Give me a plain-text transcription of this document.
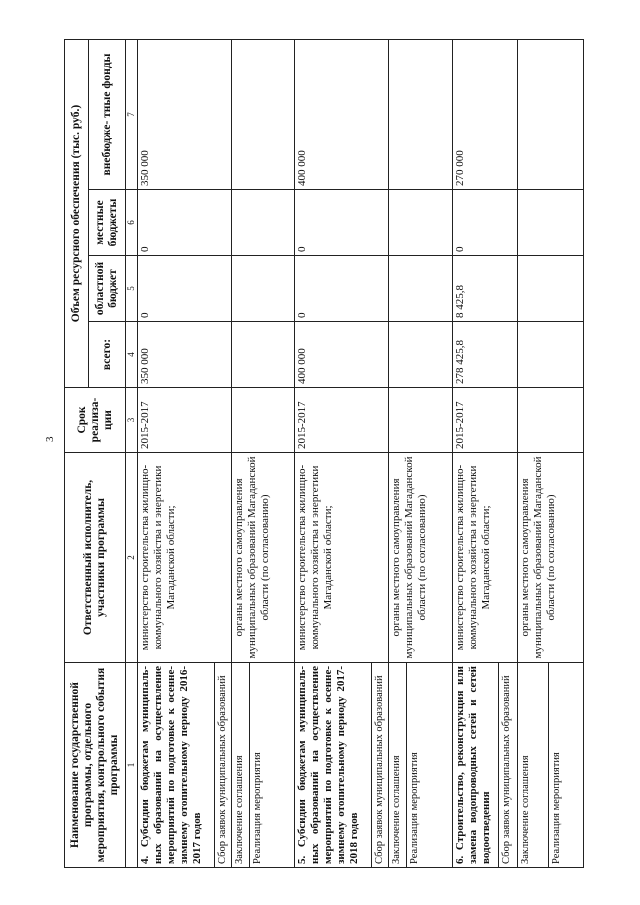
3
Наименование государственной программы, отдельного мероприятия, контрольного события программы	Ответственный исполнитель, участники программы	Срок реализа- ции	Объем ресурсного обеспечения (тыс. руб.)			
			всего:	областной бюджет	местные бюджеты	внебюдже- тные фонды
1	2	3	4	5	6	7
4. Субсидии бюджетам муниципаль- ных образований на осуществление мероприятий по подготовке к осенне- зимнему отопительному периоду 2016-2017 годов	министерство строительства жилищно-коммунального хозяйства и энергетики Магаданской области;	2015-2017	350 000	0	0	350 000
Сбор заявок муниципальных образований						
Заключение соглашения	органы местного самоуправления муниципальных образований Магаданской области (по согласованию)					
Реализация мероприятия						
5. Субсидии бюджетам муниципаль- ных образований на осуществление мероприятий по подготовке к осенне- зимнему отопительному периоду 2017-2018 годов	министерство строительства жилищно-коммунального хозяйства и энергетики Магаданской области;	2015-2017	400 000	0	0	400 000
Сбор заявок муниципальных образований						
Заключение соглашения	органы местного самоуправления муниципальных образований Магаданской области (по согласованию)					
Реализация мероприятия						
6. Строительство, реконструкция или замена водопроводных сетей и сетей водоотведения	министерство строительства жилищно-коммунального хозяйства и энергетики Магаданской области;	2015-2017	278 425,8	8 425,8	0	270 000
Сбор заявок муниципальных образований						
Заключение соглашения	органы местного самоуправления муниципальных образований Магаданской области (по согласованию)					
Реализация мероприятия						
